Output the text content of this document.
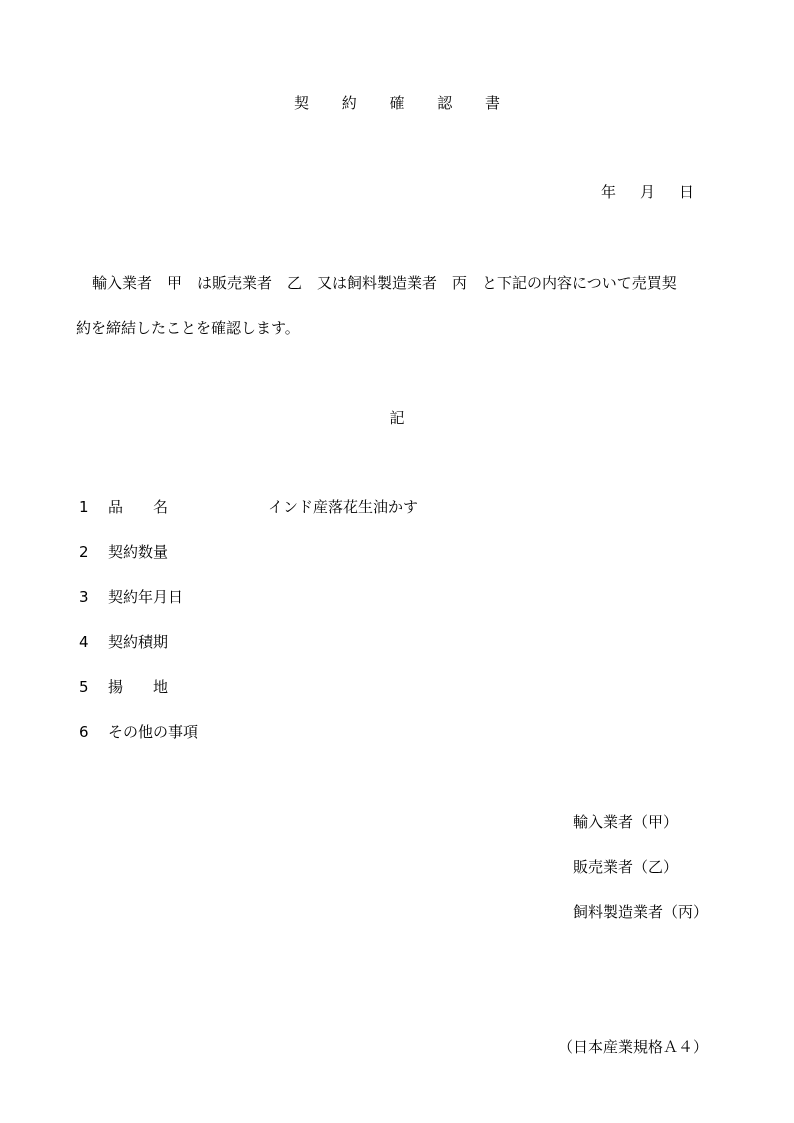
契 約 確 認 書
年 月 日
輸入業者　甲　は販売業者　乙　又は飼料製造業者　丙　と下記の内容について売買契
約を締結したことを確認します。
記
1 品　　名	インド産落花生油かす
2 契約数量
3 契約年月日
4 契約積期
5 揚　　地
6 その他の事項
輸入業者（甲）
販売業者（乙）
飼料製造業者（丙）
（日本産業規格Ａ４）
